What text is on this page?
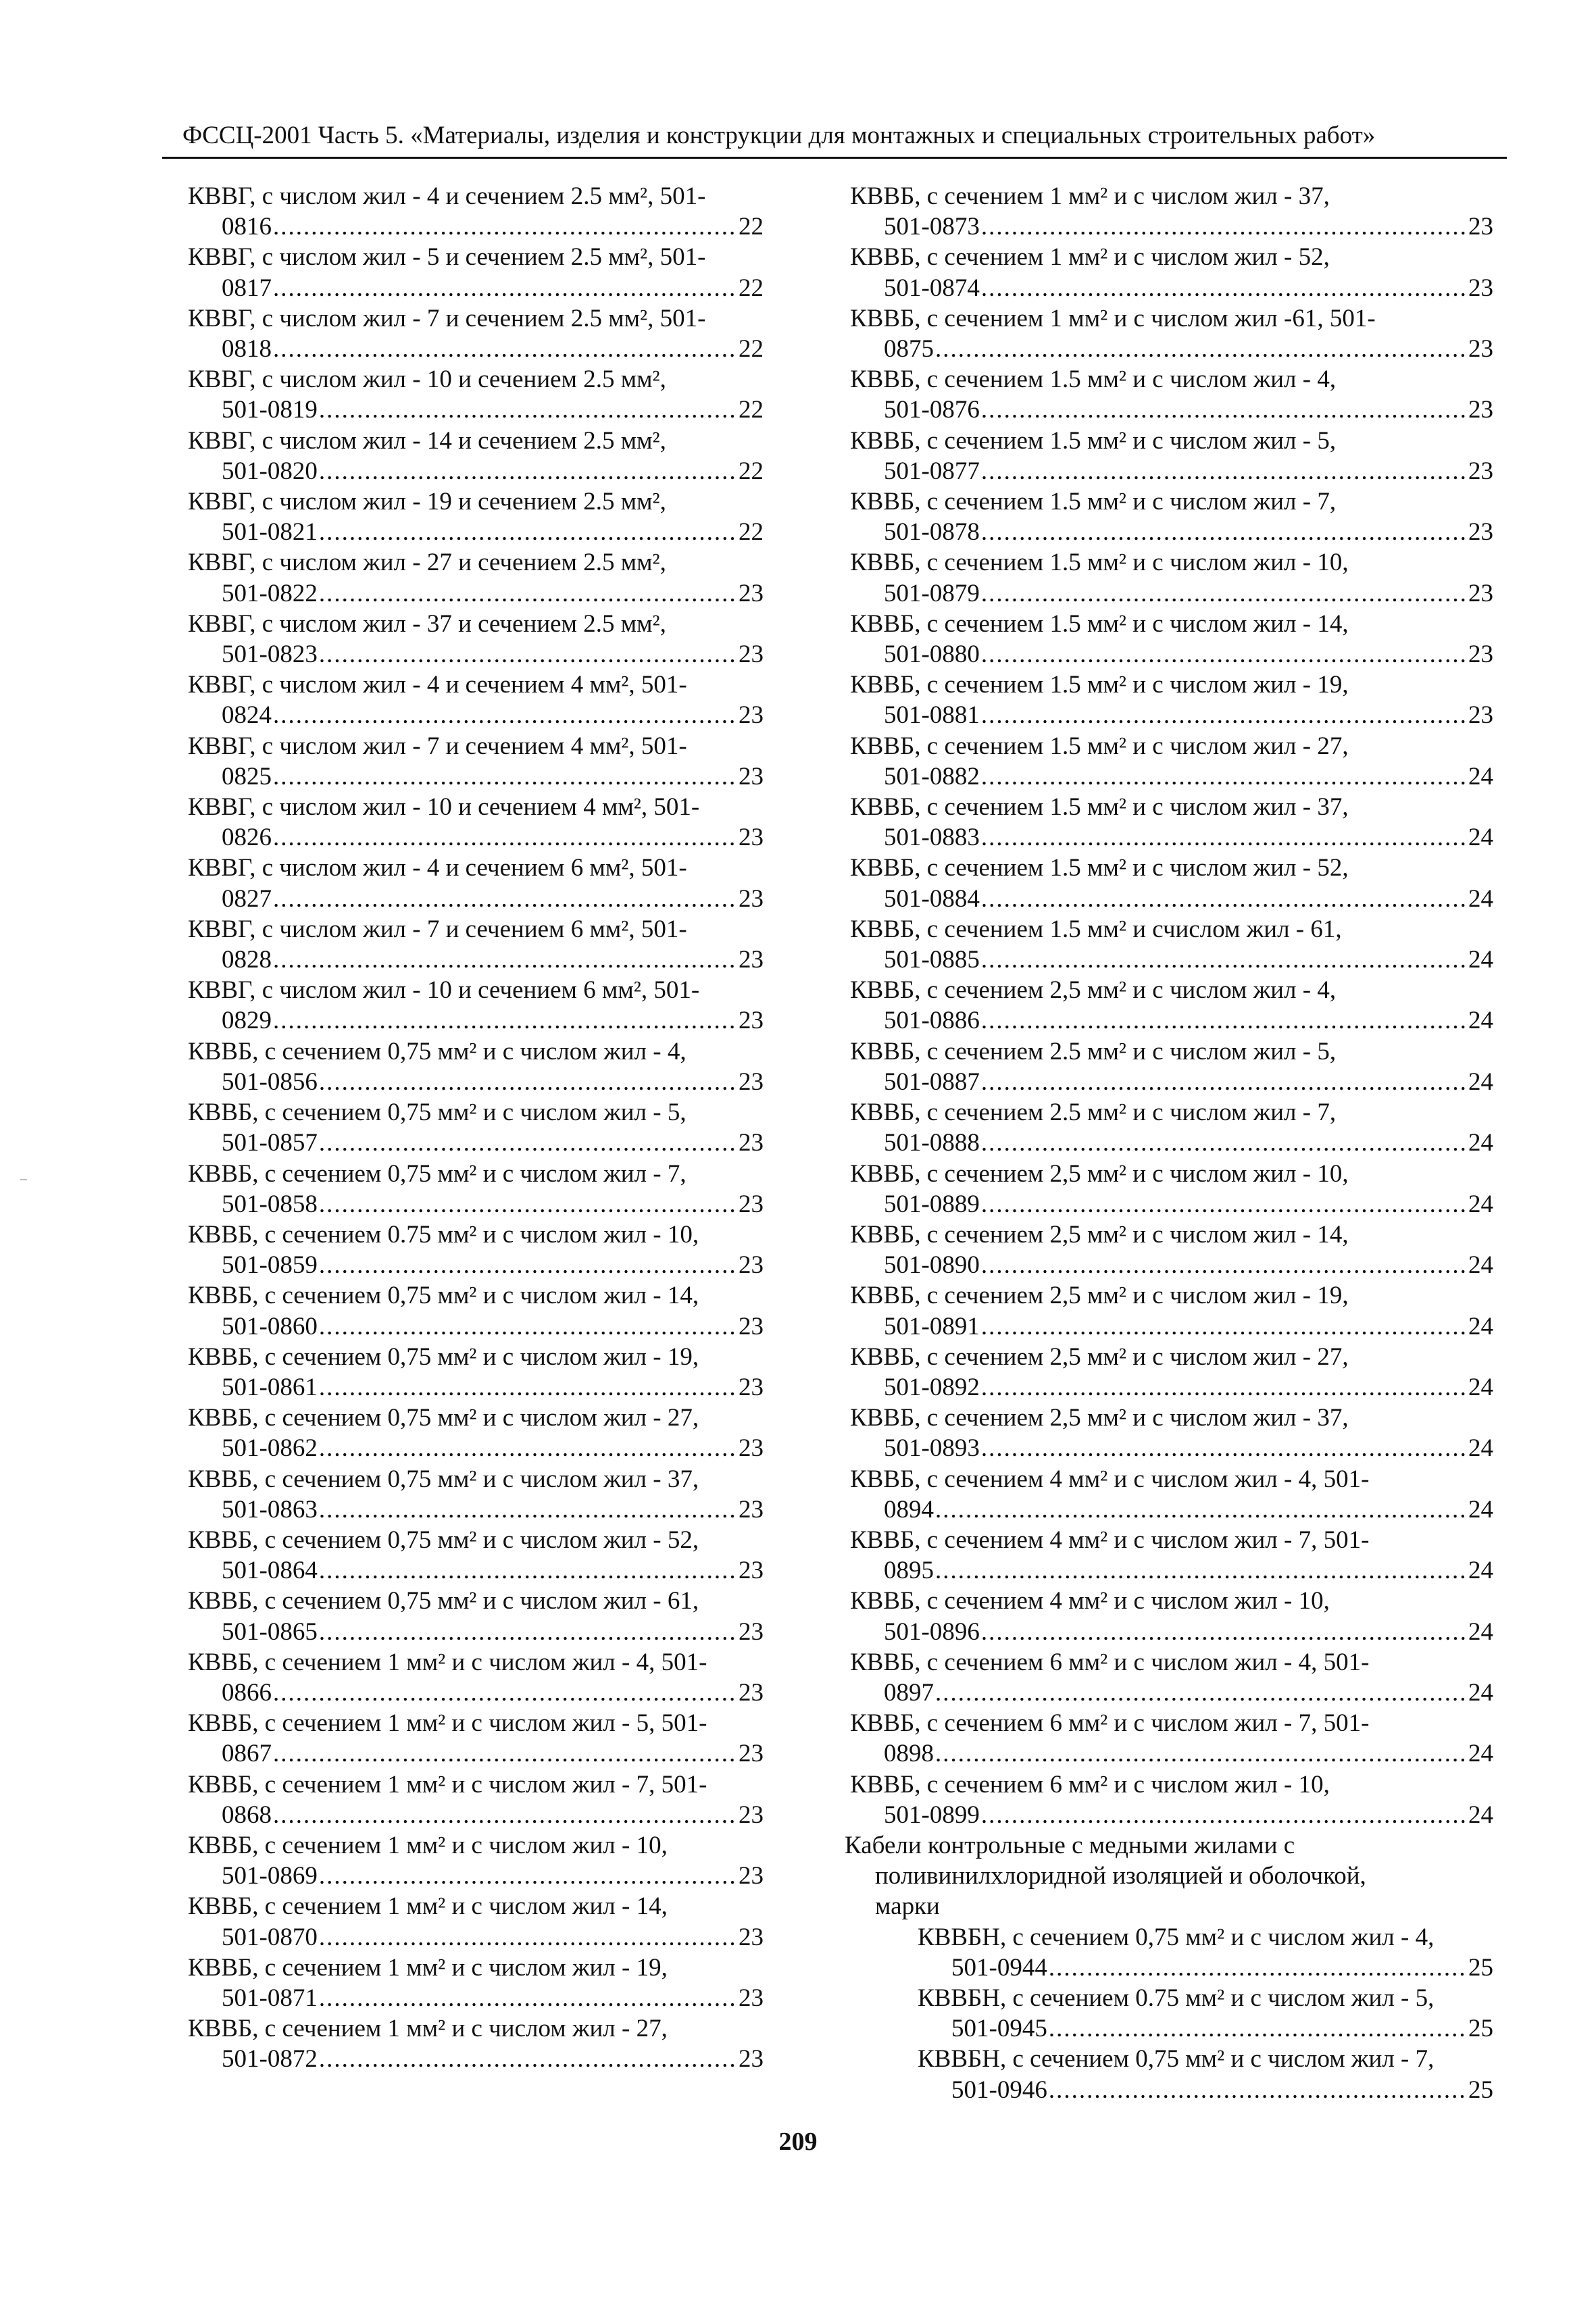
ФССЦ-2001 Часть 5. «Материалы, изделия и конструкции для монтажных и специальных строительных работ»
КВВГ, с числом жил - 4 и сечением 2.5 мм², 501-
0816 .....	22
КВВГ, с числом жил - 5 и сечением 2.5 мм², 501-
0817 .....	22
КВВГ, с числом жил - 7 и сечением 2.5 мм², 501-
0818 .....	22
КВВГ, с числом жил - 10 и сечением 2.5 мм²,
501-0819 .....	22
КВВГ, с числом жил - 14 и сечением 2.5 мм²,
501-0820 .....	22
КВВГ, с числом жил - 19 и сечением 2.5 мм²,
501-0821 .....	22
КВВГ, с числом жил - 27 и сечением 2.5 мм²,
501-0822 .....	23
КВВГ, с числом жил - 37 и сечением 2.5 мм²,
501-0823 .....	23
КВВГ, с числом жил - 4 и сечением 4 мм², 501-
0824 .....	23
КВВГ, с числом жил - 7 и сечением 4 мм², 501-
0825 .....	23
КВВГ, с числом жил - 10 и сечением 4 мм², 501-
0826 .....	23
КВВГ, с числом жил - 4 и сечением 6 мм², 501-
0827 .....	23
КВВГ, с числом жил - 7 и сечением 6 мм², 501-
0828 .....	23
КВВГ, с числом жил - 10 и сечением 6 мм², 501-
0829 .....	23
КВВБ, с сечением 0,75 мм² и с числом жил - 4,
501-0856 .....	23
КВВБ, с сечением 0,75 мм² и с числом жил - 5,
501-0857 .....	23
КВВБ, с сечением 0,75 мм² и с числом жил - 7,
501-0858 .....	23
КВВБ, с сечением 0.75 мм² и с числом жил - 10,
501-0859 .....	23
КВВБ, с сечением 0,75 мм² и с числом жил - 14,
501-0860 .....	23
КВВБ, с сечением 0,75 мм² и с числом жил - 19,
501-0861 .....	23
КВВБ, с сечением 0,75 мм² и с числом жил - 27,
501-0862 .....	23
КВВБ, с сечением 0,75 мм² и с числом жил - 37,
501-0863 .....	23
КВВБ, с сечением 0,75 мм² и с числом жил - 52,
501-0864 .....	23
КВВБ, с сечением 0,75 мм² и с числом жил - 61,
501-0865 .....	23
КВВБ, с сечением 1 мм² и с числом жил - 4, 501-
0866 .....	23
КВВБ, с сечением 1 мм² и с числом жил - 5, 501-
0867 .....	23
КВВБ, с сечением 1 мм² и с числом жил - 7, 501-
0868 .....	23
КВВБ, с сечением 1 мм² и с числом жил - 10,
501-0869 .....	23
КВВБ, с сечением 1 мм² и с числом жил - 14,
501-0870 .....	23
КВВБ, с сечением 1 мм² и с числом жил - 19,
501-0871 .....	23
КВВБ, с сечением 1 мм² и с числом жил - 27,
501-0872 .....	23
КВВБ, с сечением 1 мм² и с числом жил - 37,
501-0873 .....	23
КВВБ, с сечением 1 мм² и с числом жил - 52,
501-0874 .....	23
КВВБ, с сечением 1 мм² и с числом жил -61, 501-
0875 .....	23
КВВБ, с сечением 1.5 мм² и с числом жил - 4,
501-0876 .....	23
КВВБ, с сечением 1.5 мм² и с числом жил - 5,
501-0877 .....	23
КВВБ, с сечением 1.5 мм² и с числом жил - 7,
501-0878 .....	23
КВВБ, с сечением 1.5 мм² и с числом жил - 10,
501-0879 .....	23
КВВБ, с сечением 1.5 мм² и с числом жил - 14,
501-0880 .....	23
КВВБ, с сечением 1.5 мм² и с числом жил - 19,
501-0881 .....	23
КВВБ, с сечением 1.5 мм² и с числом жил - 27,
501-0882 .....	24
КВВБ, с сечением 1.5 мм² и с числом жил - 37,
501-0883 .....	24
КВВБ, с сечением 1.5 мм² и с числом жил - 52,
501-0884 .....	24
КВВБ, с сечением 1.5 мм² и счислом жил - 61,
501-0885 .....	24
КВВБ, с сечением 2,5 мм² и с числом жил - 4,
501-0886 .....	24
КВВБ, с сечением 2.5 мм² и с числом жил - 5,
501-0887 .....	24
КВВБ, с сечением 2.5 мм² и с числом жил - 7,
501-0888 .....	24
КВВБ, с сечением 2,5 мм² и с числом жил - 10,
501-0889 .....	24
КВВБ, с сечением 2,5 мм² и с числом жил - 14,
501-0890 .....	24
КВВБ, с сечением 2,5 мм² и с числом жил - 19,
501-0891 .....	24
КВВБ, с сечением 2,5 мм² и с числом жил - 27,
501-0892 .....	24
КВВБ, с сечением 2,5 мм² и с числом жил - 37,
501-0893 .....	24
КВВБ, с сечением 4 мм² и с числом жил - 4, 501-
0894 .....	24
КВВБ, с сечением 4 мм² и с числом жил - 7, 501-
0895 .....	24
КВВБ, с сечением 4 мм² и с числом жил - 10,
501-0896 .....	24
КВВБ, с сечением 6 мм² и с числом жил - 4, 501-
0897 .....	24
КВВБ, с сечением 6 мм² и с числом жил - 7, 501-
0898 .....	24
КВВБ, с сечением 6 мм² и с числом жил - 10,
501-0899 .....	24
Кабели контрольные с медными жилами с
поливинилхлоридной изоляцией и оболочкой,
марки
КВВБН, с сечением 0,75 мм² и с числом жил - 4,
501-0944 .....	25
КВВБН, с сечением 0.75 мм² и с числом жил - 5,
501-0945 .....	25
КВВБН, с сечением 0,75 мм² и с числом жил - 7,
501-0946 .....	25
209
